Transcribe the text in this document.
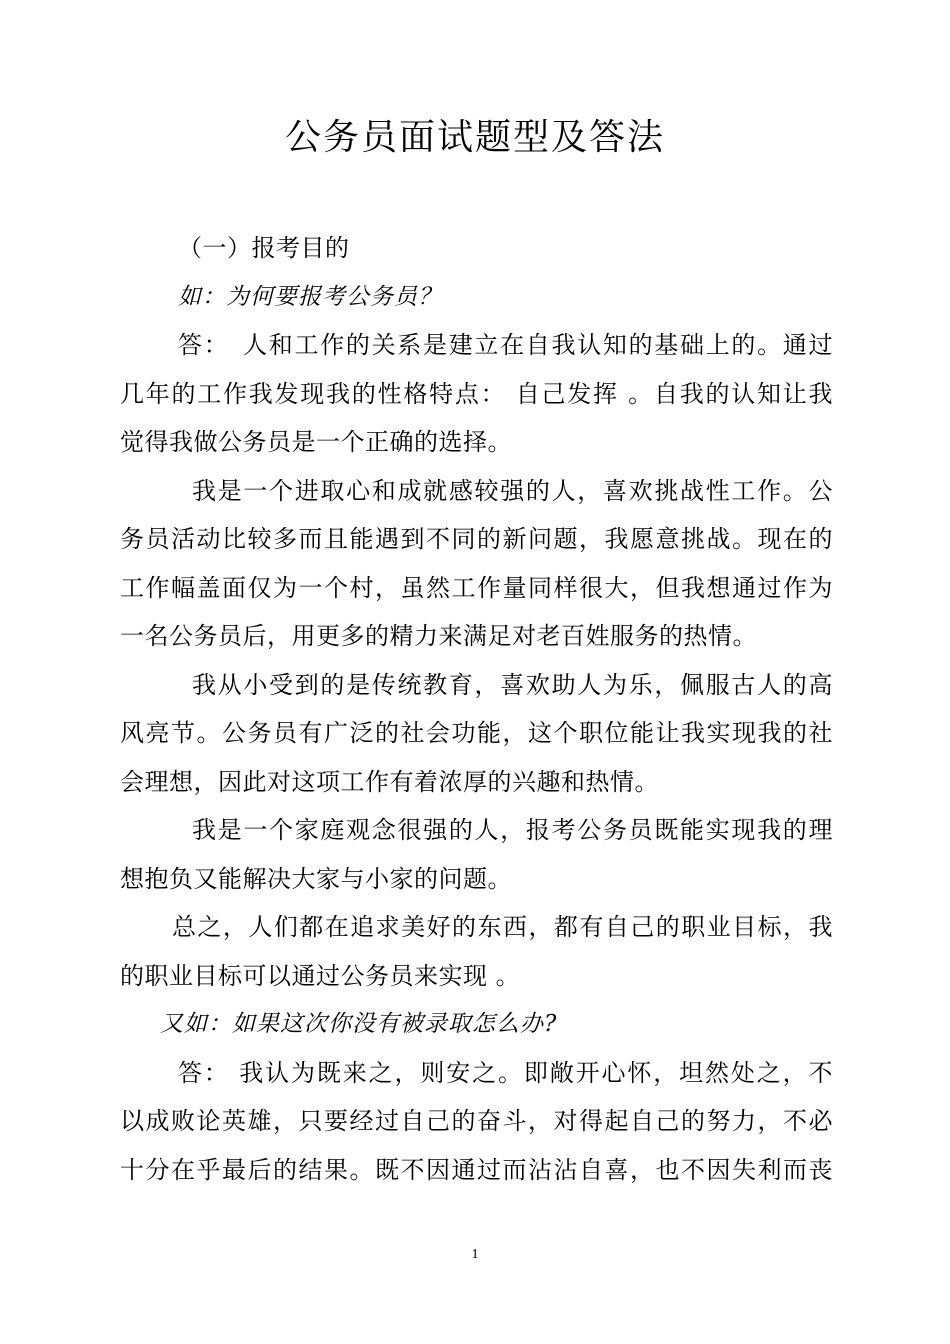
公务员面试题型及答法
（一）报考目的
如：为何要报考公务员？
答：　人和工作的关系是建立在自我认知的基础上的。通过
几年的工作我发现我的性格特点： 自己发挥 。自我的认知让我
觉得我做公务员是一个正确的选择。
我是一个进取心和成就感较强的人，喜欢挑战性工作。公
务员活动比较多而且能遇到不同的新问题，我愿意挑战。现在的
工作幅盖面仅为一个村，虽然工作量同样很大，但我想通过作为
一名公务员后，用更多的精力来满足对老百姓服务的热情。
我从小受到的是传统教育，喜欢助人为乐，佩服古人的高
风亮节。公务员有广泛的社会功能，这个职位能让我实现我的社
会理想，因此对这项工作有着浓厚的兴趣和热情。
我是一个家庭观念很强的人，报考公务员既能实现我的理
想抱负又能解决大家与小家的问题。
总之，人们都在追求美好的东西，都有自己的职业目标，我
的职业目标可以通过公务员来实现 。
又如：如果这次你没有被录取怎么办?
答： 我认为既来之，则安之。即敞开心怀，坦然处之，不
以成败论英雄，只要经过自己的奋斗，对得起自己的努力，不必
十分在乎最后的结果。既不因通过而沾沾自喜，也不因失利而丧
1
